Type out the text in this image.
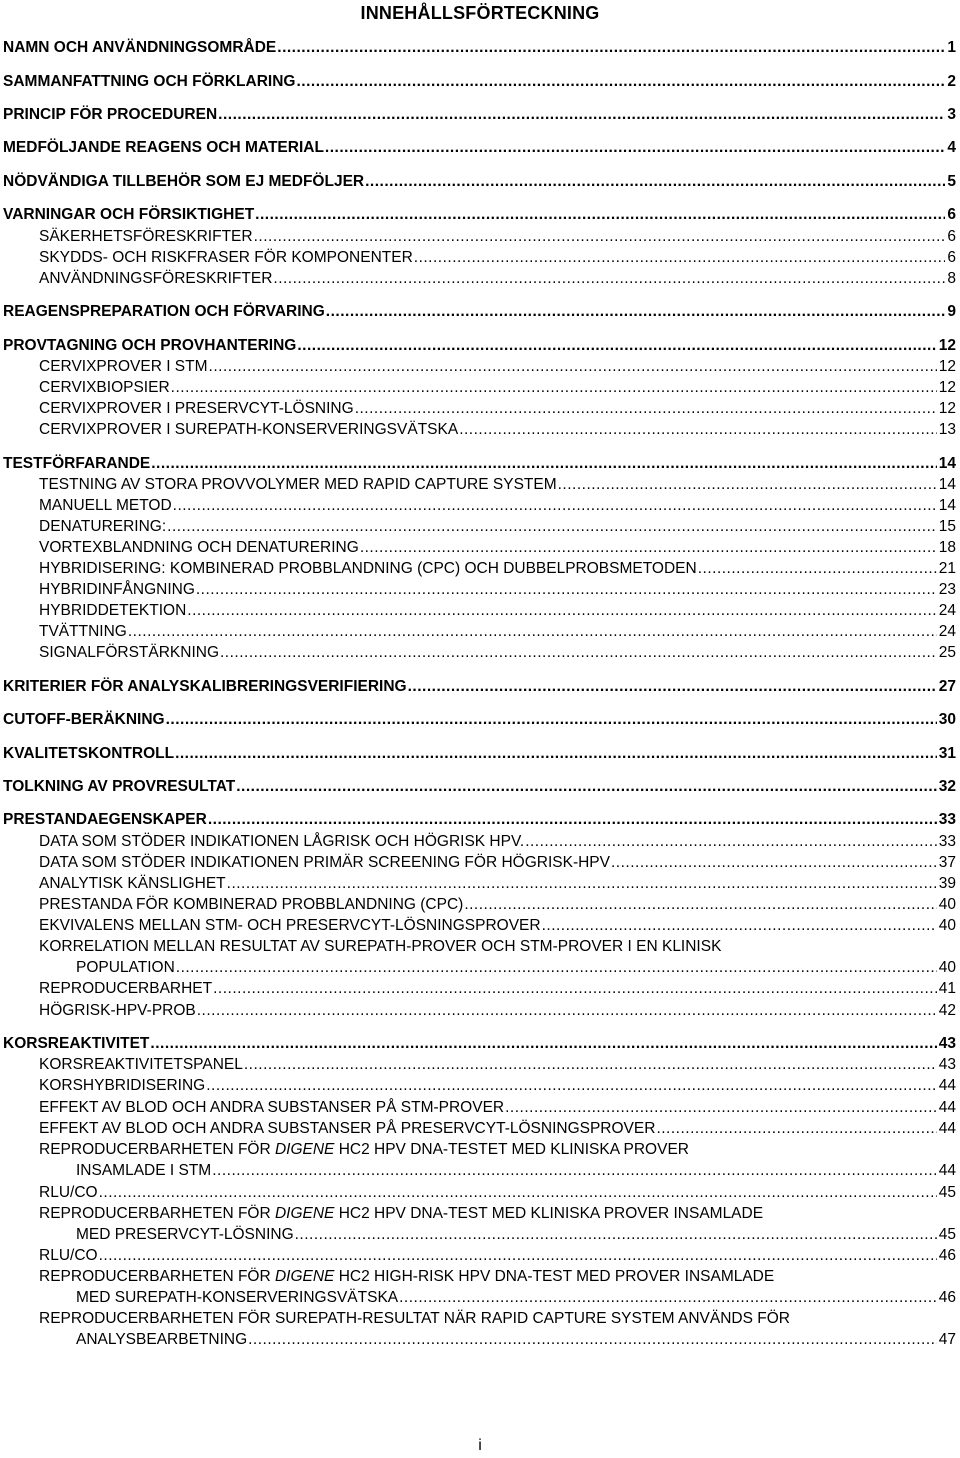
INNEHÅLLSFÖRTECKNING
NAMN OCH ANVÄNDNINGSOMRÅDE .....	1
SAMMANFATTNING OCH FÖRKLARING .....	2
PRINCIP FÖR PROCEDUREN .....	3
MEDFÖLJANDE REAGENS OCH MATERIAL .....	4
NÖDVÄNDIGA TILLBEHÖR SOM EJ MEDFÖLJER .....	5
VARNINGAR OCH FÖRSIKTIGHET .....	6
SÄKERHETSFÖRESKRIFTER .....	6
SKYDDS- OCH RISKFRASER FÖR KOMPONENTER .....	6
ANVÄNDNINGSFÖRESKRIFTER .....	8
REAGENSPREPARATION OCH FÖRVARING .....	9
PROVTAGNING OCH PROVHANTERING .....	12
CERVIXPROVER I STM .....	12
CERVIXBIOPSIER .....	12
CERVIXPROVER I PRESERVCYT-LÖSNING .....	12
CERVIXPROVER I SUREPATH-KONSERVERINGSVÄTSKA .....	13
TESTFÖRFARANDE .....	14
TESTNING AV STORA PROVVOLYMER MED RAPID CAPTURE SYSTEM .....	14
MANUELL METOD .....	14
DENATURERING: .....	15
VORTEXBLANDNING OCH DENATURERING .....	18
HYBRIDISERING: KOMBINERAD PROBBLANDNING (CPC) OCH DUBBELPROBSMETODEN .....	21
HYBRIDINFÅNGNING .....	23
HYBRIDDETEKTION .....	24
TVÄTTNING .....	24
SIGNALFÖRSTÄRKNING .....	25
KRITERIER FÖR ANALYSKALIBRERINGSVERIFIERING .....	27
CUTOFF-BERÄKNING .....	30
KVALITETSKONTROLL .....	31
TOLKNING AV PROVRESULTAT .....	32
PRESTANDAEGENSKAPER .....	33
DATA SOM STÖDER INDIKATIONEN LÅGRISK OCH HÖGRISK HPV. .....	33
DATA SOM STÖDER INDIKATIONEN PRIMÄR SCREENING FÖR HÖGRISK-HPV .....	37
ANALYTISK KÄNSLIGHET .....	39
PRESTANDA FÖR KOMBINERAD PROBBLANDNING (CPC) .....	40
EKVIVALENS MELLAN STM- OCH PRESERVCYT-LÖSNINGSPROVER .....	40
KORRELATION MELLAN RESULTAT AV SUREPATH-PROVER OCH STM-PROVER I EN KLINISK
POPULATION .....	40
REPRODUCERBARHET .....	41
HÖGRISK-HPV-PROB .....	42
KORSREAKTIVITET .....	43
KORSREAKTIVITETSPANEL .....	43
KORSHYBRIDISERING .....	44
EFFEKT AV BLOD OCH ANDRA SUBSTANSER PÅ STM-PROVER .....	44
EFFEKT AV BLOD OCH ANDRA SUBSTANSER PÅ PRESERVCYT-LÖSNINGSPROVER .....	44
REPRODUCERBARHETEN FÖR DIGENE HC2 HPV DNA-TESTET MED KLINISKA PROVER
INSAMLADE I STM .....	44
RLU/CO .....	45
REPRODUCERBARHETEN FÖR DIGENE HC2 HPV DNA-TEST MED KLINISKA PROVER INSAMLADE
MED PRESERVCYT-LÖSNING .....	45
RLU/CO .....	46
REPRODUCERBARHETEN FÖR DIGENE HC2 HIGH-RISK HPV DNA-TEST MED PROVER INSAMLADE
MED SUREPATH-KONSERVERINGSVÄTSKA .....	46
REPRODUCERBARHETEN FÖR SUREPATH-RESULTAT NÄR RAPID CAPTURE SYSTEM ANVÄNDS FÖR
ANALYSBEARBETNING .....	47
i
